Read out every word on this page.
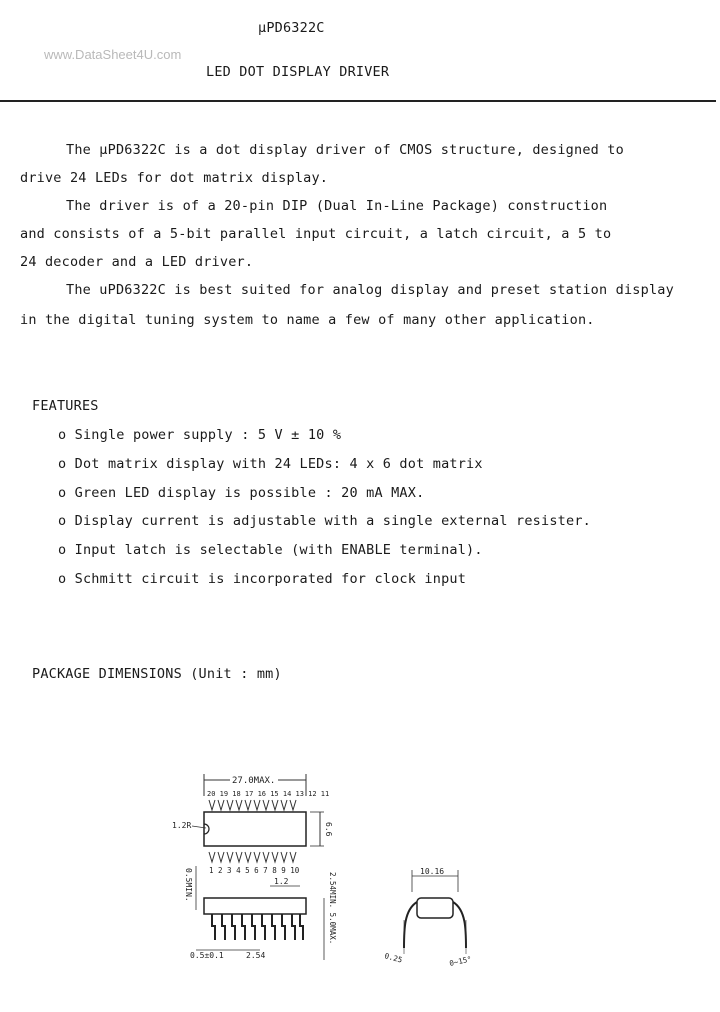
μPD6322C
www.DataSheet4U.com
LED DOT DISPLAY DRIVER
The μPD6322C is a dot display driver of CMOS structure, designed to
drive 24 LEDs for dot matrix display.
The driver is of a 20-pin DIP (Dual In-Line Package) construction
and consists of a 5-bit parallel input circuit, a latch circuit, a 5 to
24 decoder and a LED driver.
The uPD6322C is best suited for analog display and preset station display
in the digital tuning system to name a few of many other application.
FEATURES
o Single power supply : 5 V ± 10 %
o Dot matrix display with 24 LEDs: 4 x 6 dot matrix
o Green LED display is possible : 20 mA MAX.
o Display current is adjustable with a single external resister.
o Input latch is selectable (with ENABLE terminal).
o Schmitt circuit is incorporated for clock input
PACKAGE DIMENSIONS (Unit : mm)
27.0MAX.
20 19 18 17 16 15 14 13 12 11
1.2R	6.6
1 2 3 4 5 6 7 8 9 10
0.5MIN.	1.2	2.54MIN. 5.0MAX.
0.5±0.1	2.54
10.16
0.25	0~15°
